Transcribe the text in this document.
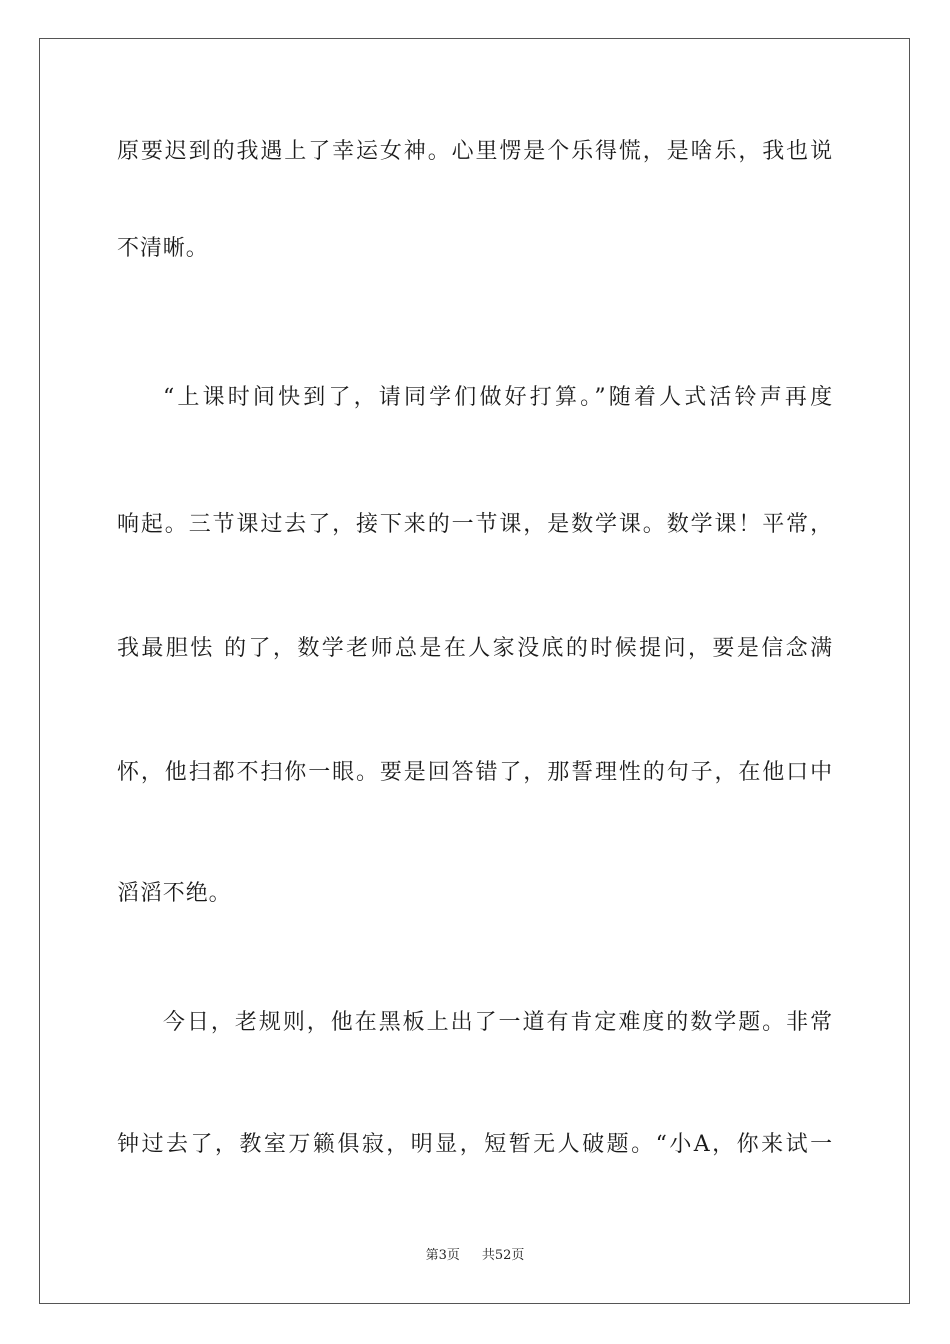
原要迟到的我遇上了幸运女神。心里愣是个乐得慌，是啥乐，我也说
不清晰。
“上课时间快到了，请同学们做好打算。”随着人式活铃声再度
响起。三节课过去了，接下来的一节课，是数学课。数学课！平常，
我最胆怯 的了，数学老师总是在人家没底的时候提问，要是信念满
怀，他扫都不扫你一眼。要是回答错了，那誓理性的句子，在他口中
滔滔不绝。
今日，老规则，他在黑板上出了一道有肯定难度的数学题。非常
钟过去了，教室万籁俱寂，明显，短暂无人破题。“小A，你来试一
第3页 共52页
